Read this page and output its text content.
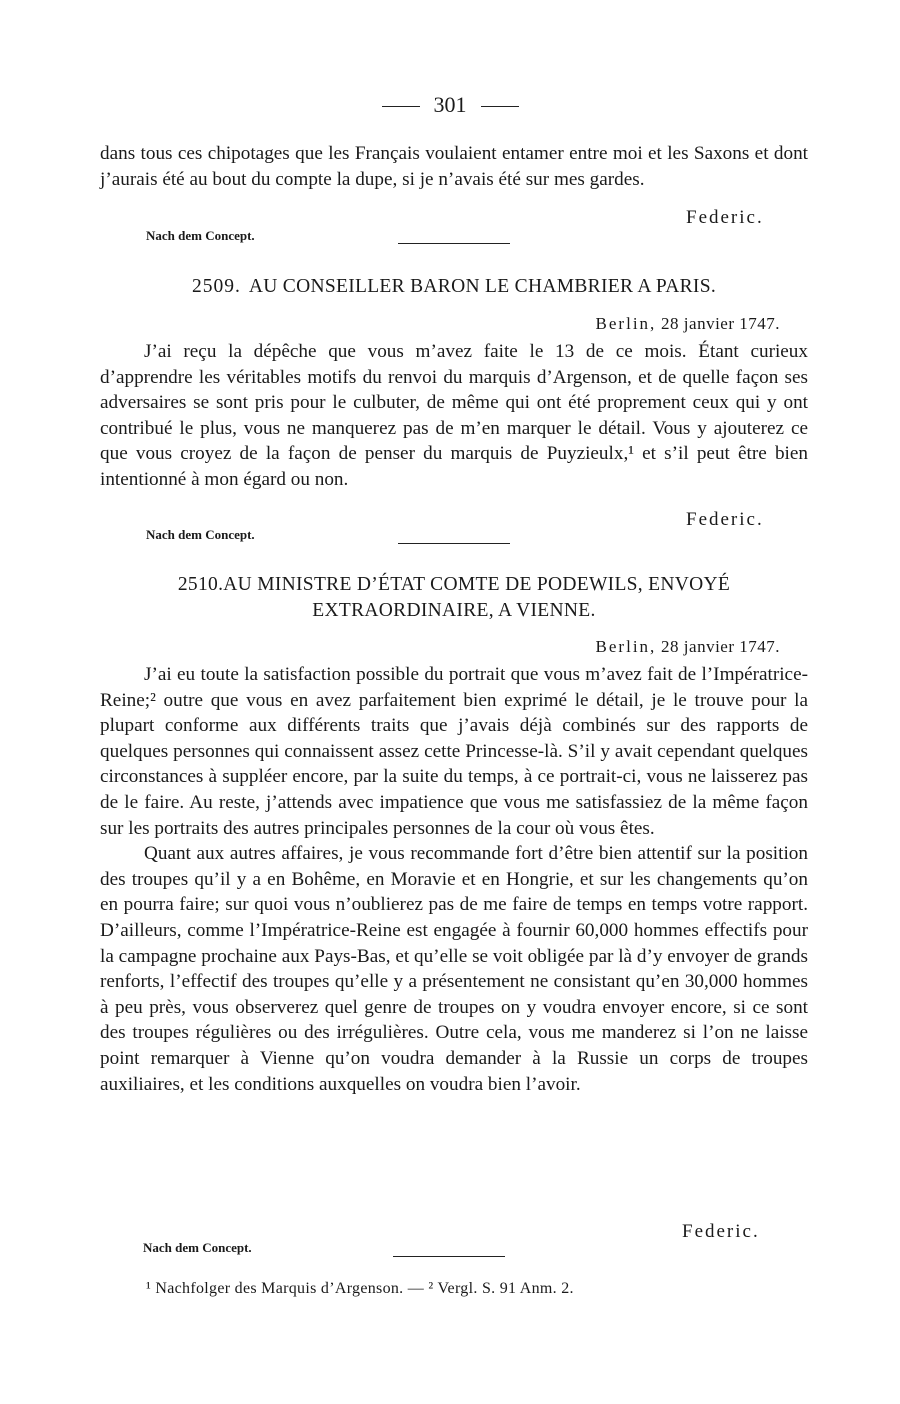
301
dans tous ces chipotages que les Français voulaient entamer entre moi et les Saxons et dont j’aurais été au bout du compte la dupe, si je n’avais été sur mes gardes.
Federic.
Nach dem Concept.
2509. AU CONSEILLER BARON LE CHAMBRIER A PARIS.
Berlin, 28 janvier 1747.

J’ai reçu la dépêche que vous m’avez faite le 13 de ce mois. Étant curieux d’apprendre les véritables motifs du renvoi du marquis d’Argenson, et de quelle façon ses adversaires se sont pris pour le culbuter, de même qui ont été proprement ceux qui y ont contribué le plus, vous ne manquerez pas de m’en marquer le détail. Vous y ajouterez ce que vous croyez de la façon de penser du marquis de Puyzieulx,¹ et s’il peut être bien intentionné à mon égard ou non.

Federic.
Nach dem Concept.
2510.AU MINISTRE D’ÉTAT COMTE DE PODEWILS, ENVOYÉ
EXTRAORDINAIRE, A VIENNE.
Berlin, 28 janvier 1747.

J’ai eu toute la satisfaction possible du portrait que vous m’avez fait de l’Impératrice-Reine;² outre que vous en avez parfaitement bien exprimé le détail, je le trouve pour la plupart conforme aux différents traits que j’avais déjà combinés sur des rapports de quelques personnes qui connaissent assez cette Princesse-là. S’il y avait cependant quelques circonstances à suppléer encore, par la suite du temps, à ce portrait-ci, vous ne laisserez pas de le faire. Au reste, j’attends avec impatience que vous me satisfassiez de la même façon sur les portraits des autres principales personnes de la cour où vous êtes.

Quant aux autres affaires, je vous recommande fort d’être bien attentif sur la position des troupes qu’il y a en Bohême, en Moravie et en Hongrie, et sur les changements qu’on en pourra faire; sur quoi vous n’oublierez pas de me faire de temps en temps votre rapport. D’ailleurs, comme l’Impératrice-Reine est engagée à fournir 60,000 hommes effectifs pour la campagne prochaine aux Pays-Bas, et qu’elle se voit obligée par là d’y envoyer de grands renforts, l’effectif des troupes qu’elle y a présentement ne consistant qu’en 30,000 hommes à peu près, vous observerez quel genre de troupes on y voudra envoyer encore, si ce sont des troupes régulières ou des irrégulières. Outre cela, vous me manderez si l’on ne laisse point remarquer à Vienne qu’on voudra demander à la Russie un corps de troupes auxiliaires, et les conditions auxquelles on voudra bien l’avoir.

Federic.
Nach dem Concept.
¹ Nachfolger des Marquis d’Argenson. — ² Vergl. S. 91 Anm. 2.
